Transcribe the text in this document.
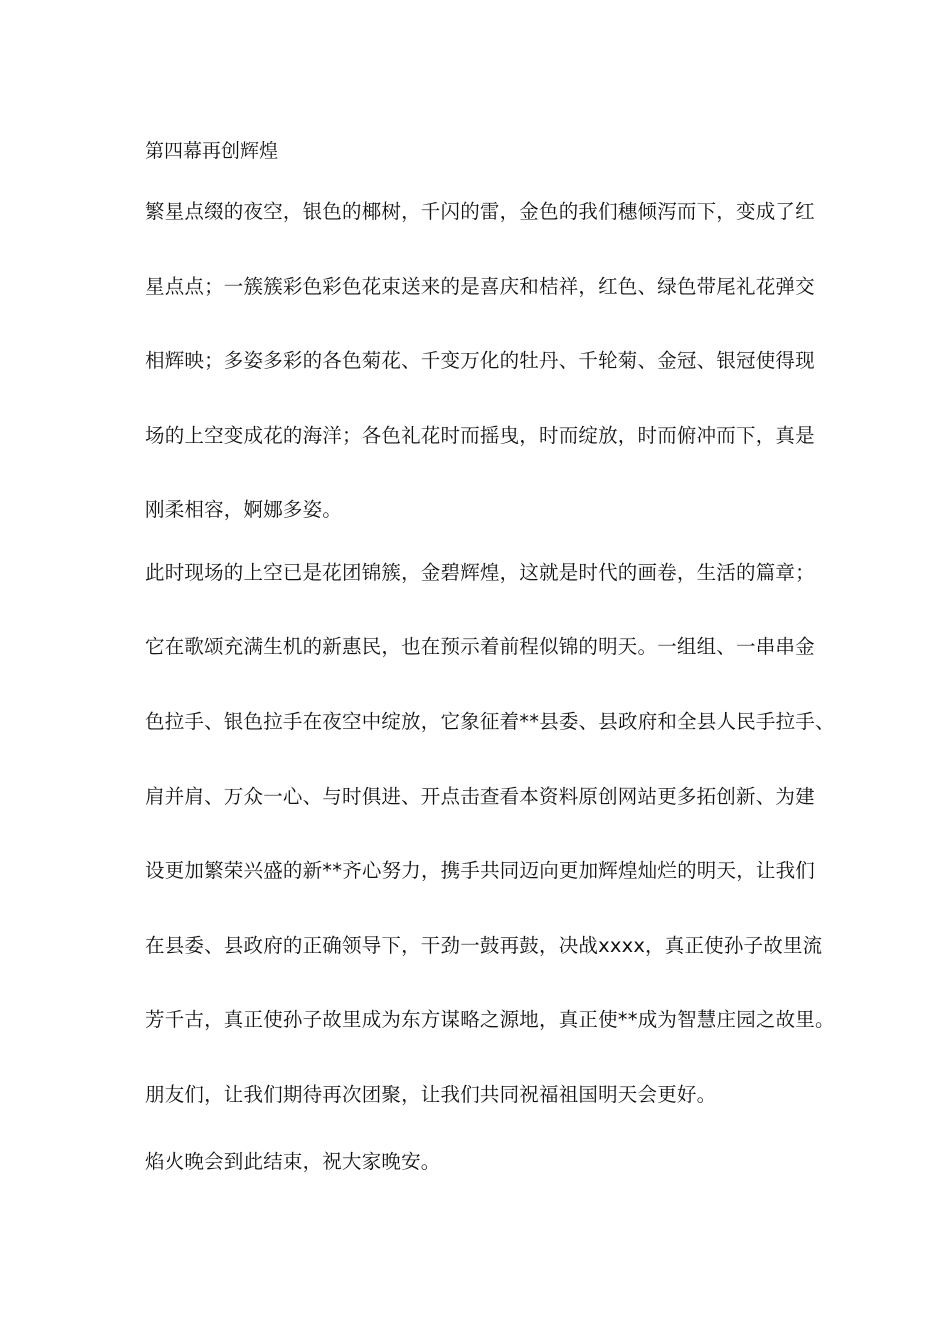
第四幕再创辉煌
繁星点缀的夜空，银色的椰树，千闪的雷，金色的我们穗倾泻而下，变成了红
星点点；一簇簇彩色彩色花束送来的是喜庆和桔祥，红色、绿色带尾礼花弹交
相辉映；多姿多彩的各色菊花、千变万化的牡丹、千轮菊、金冠、银冠使得现
场的上空变成花的海洋；各色礼花时而摇曳，时而绽放，时而俯冲而下，真是
刚柔相容，婀娜多姿。
此时现场的上空已是花团锦簇，金碧辉煌，这就是时代的画卷，生活的篇章；
它在歌颂充满生机的新惠民，也在预示着前程似锦的明天。一组组、一串串金
色拉手、银色拉手在夜空中绽放，它象征着**县委、县政府和全县人民手拉手、
肩并肩、万众一心、与时俱进、开点击查看本资料原创网站更多拓创新、为建
设更加繁荣兴盛的新**齐心努力，携手共同迈向更加辉煌灿烂的明天，让我们
在县委、县政府的正确领导下，干劲一鼓再鼓，决战xxxx，真正使孙子故里流
芳千古，真正使孙子故里成为东方谋略之源地，真正使**成为智慧庄园之故里。
朋友们，让我们期待再次团聚，让我们共同祝福祖国明天会更好。
焰火晚会到此结束，祝大家晚安。
